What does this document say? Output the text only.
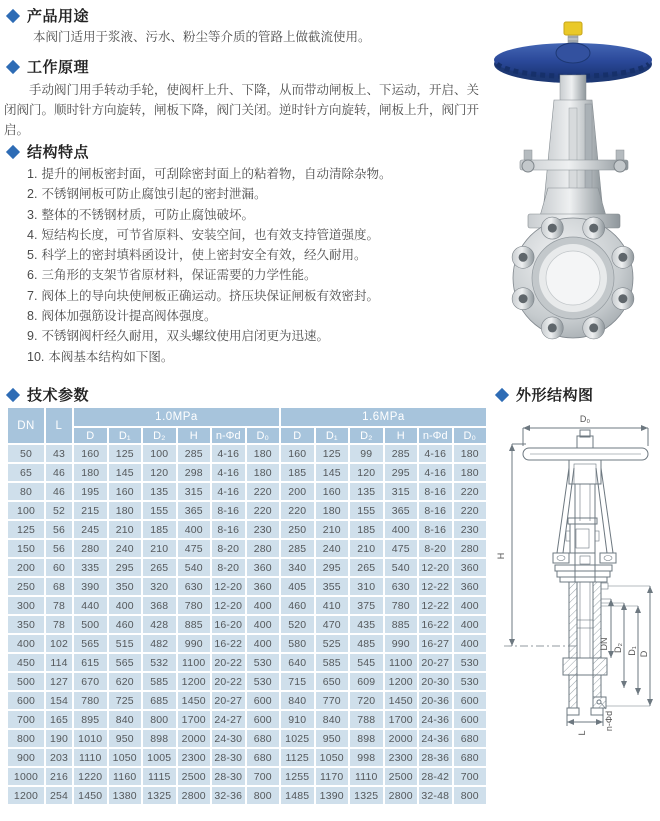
产品用途

本阀门适用于浆液、污水、粉尘等介质的管路上做截流使用。

工作原理

手动阀门用手转动手轮，使阀杆上升、下降，从而带动闸板上、下运动，开启、关闭阀门。顺时针方向旋转，闸板下降，阀门关闭。逆时针方向旋转，闸板上升，阀门开启。

结构特点
1. 提升的闸板密封面，可刮除密封面上的粘着物，自动清除杂物。
2. 不锈钢闸板可防止腐蚀引起的密封泄漏。
3. 整体的不锈钢材质，可防止腐蚀破坏。
4. 短结构长度，可节省原料、安装空间，也有效支持管道强度。
5. 科学上的密封填料函设计，使上密封安全有效，经久耐用。
6. 三角形的支架节省原材料，保证需要的力学性能。
7. 阀体上的导向块使闸板正确运动。挤压块保证闸板有效密封。
8. 阀体加强筋设计提高阀体强度。
9. 不锈钢阀杆经久耐用，双头螺纹使用启闭更为迅速。
10. 本阀基本结构如下图。
技术参数
DN	L	1.0MPa						1.6MPa					
		D	D₁	D₂	H	n-Φd	D₀	D	D₁	D₂	H	n-Φd	D₀
50	43	160	125	100	285	4-16	180	160	125	99	285	4-16	180
65	46	180	145	120	298	4-16	180	185	145	120	295	4-16	180
80	46	195	160	135	315	4-16	220	200	160	135	315	8-16	220
100	52	215	180	155	365	8-16	220	220	180	155	365	8-16	220
125	56	245	210	185	400	8-16	230	250	210	185	400	8-16	230
150	56	280	240	210	475	8-20	280	285	240	210	475	8-20	280
200	60	335	295	265	540	8-20	360	340	295	265	540	12-20	360
250	68	390	350	320	630	12-20	360	405	355	310	630	12-22	360
300	78	440	400	368	780	12-20	400	460	410	375	780	12-22	400
350	78	500	460	428	885	16-20	400	520	470	435	885	16-22	400
400	102	565	515	482	990	16-22	400	580	525	485	990	16-27	400
450	114	615	565	532	1100	20-22	530	640	585	545	1100	20-27	530
500	127	670	620	585	1200	20-22	530	715	650	609	1200	20-30	530
600	154	780	725	685	1450	20-27	600	840	770	720	1450	20-36	600
700	165	895	840	800	1700	24-27	600	910	840	788	1700	24-36	600
800	190	1010	950	898	2000	24-30	680	1025	950	898	2000	24-36	680
900	203	1110	1050	1005	2300	28-30	680	1125	1050	998	2300	28-36	680
1000	216	1220	1160	1115	2500	28-30	700	1255	1170	1110	2500	28-42	700
1200	254	1450	1380	1325	2800	32-36	800	1485	1390	1325	2800	32-48	800
外形结构图
D₀
H
DN D₂ D₁ D
L
n-Φd
